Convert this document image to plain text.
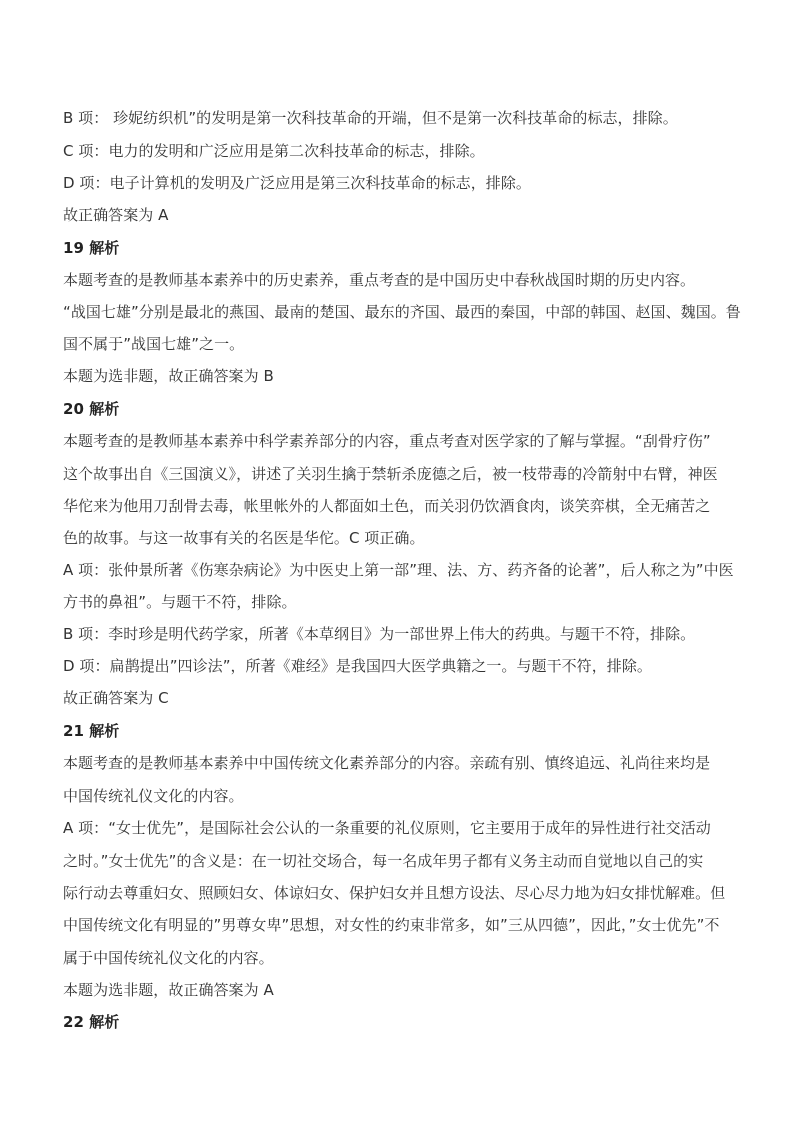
B 项： 珍妮纺织机”的发明是第一次科技革命的开端，但不是第一次科技革命的标志，排除。
C 项：电力的发明和广泛应用是第二次科技革命的标志，排除。
D 项：电子计算机的发明及广泛应用是第三次科技革命的标志，排除。
故正确答案为 A
19 解析
本题考查的是教师基本素养中的历史素养，重点考查的是中国历史中春秋战国时期的历史内容。
“战国七雄”分别是最北的燕国、最南的楚国、最东的齐国、最西的秦国，中部的韩国、赵国、魏国。鲁
国不属于”战国七雄”之一。
本题为选非题，故正确答案为 B
20 解析
本题考查的是教师基本素养中科学素养部分的内容，重点考查对医学家的了解与掌握。“刮骨疗伤”
这个故事出自《三国演义》，讲述了关羽生擒于禁斩杀庞德之后，被一枝带毒的冷箭射中右臂，神医
华佗来为他用刀刮骨去毒，帐里帐外的人都面如土色，而关羽仍饮酒食肉，谈笑弈棋，全无痛苦之
色的故事。与这一故事有关的名医是华佗。C 项正确。
A 项：张仲景所著《伤寒杂病论》为中医史上第一部”理、法、方、药齐备的论著”，后人称之为”中医
方书的鼻祖”。与题干不符，排除。
B 项：李时珍是明代药学家，所著《本草纲目》为一部世界上伟大的药典。与题干不符，排除。
D 项：扁鹊提出”四诊法”，所著《难经》是我国四大医学典籍之一。与题干不符，排除。
故正确答案为 C
21 解析
本题考查的是教师基本素养中中国传统文化素养部分的内容。亲疏有别、慎终追远、礼尚往来均是
中国传统礼仪文化的内容。
A 项：“女士优先”，是国际社会公认的一条重要的礼仪原则，它主要用于成年的异性进行社交活动
之时。”女士优先”的含义是：在一切社交场合，每一名成年男子都有义务主动而自觉地以自己的实
际行动去尊重妇女、照顾妇女、体谅妇女、保护妇女并且想方设法、尽心尽力地为妇女排忧解难。但
中国传统文化有明显的”男尊女卑”思想，对女性的约束非常多，如”三从四德”，因此，”女士优先”不
属于中国传统礼仪文化的内容。
本题为选非题，故正确答案为 A
22 解析
